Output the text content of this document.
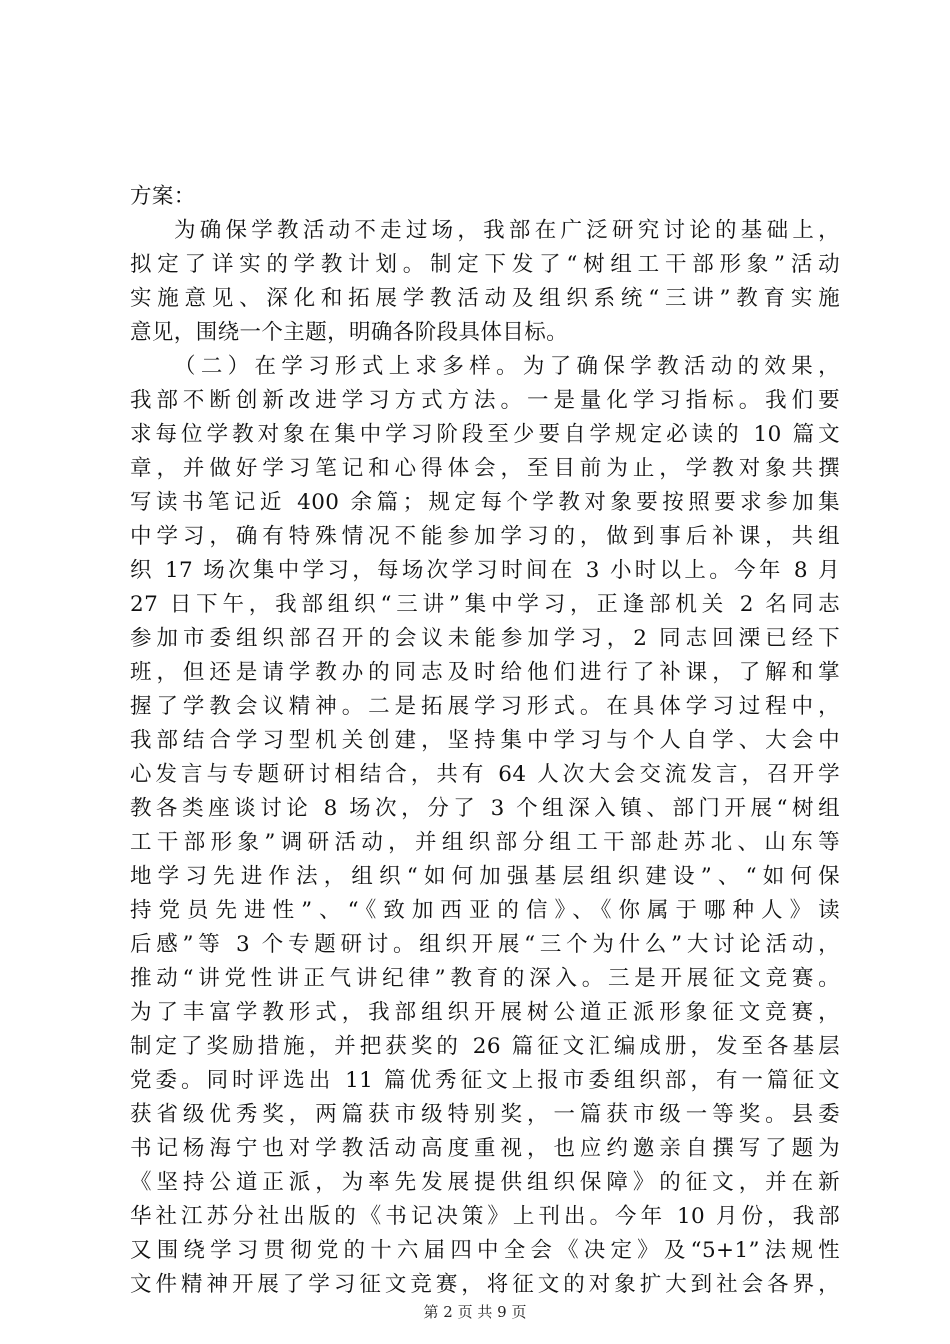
方案：
为确保学教活动不走过场，我部在广泛研究讨论的基础上，
拟定了详实的学教计划。制定下发了“树组工干部形象”活动
实施意见、深化和拓展学教活动及组织系统“三讲”教育实施
意见，围绕一个主题，明确各阶段具体目标。
（二）在学习形式上求多样。为了确保学教活动的效果，
我部不断创新改进学习方式方法。一是量化学习指标。我们要
求每位学教对象在集中学习阶段至少要自学规定必读的 10 篇文
章，并做好学习笔记和心得体会，至目前为止，学教对象共撰
写读书笔记近 400 余篇；规定每个学教对象要按照要求参加集
中学习，确有特殊情况不能参加学习的，做到事后补课，共组
织 17 场次集中学习，每场次学习时间在 3 小时以上。今年 8 月
27 日下午，我部组织“三讲”集中学习，正逢部机关 2 名同志
参加市委组织部召开的会议未能参加学习，2 同志回溧已经下
班，但还是请学教办的同志及时给他们进行了补课，了解和掌
握了学教会议精神。二是拓展学习形式。在具体学习过程中，
我部结合学习型机关创建，坚持集中学习与个人自学、大会中
心发言与专题研讨相结合，共有 64 人次大会交流发言，召开学
教各类座谈讨论 8 场次，分了 3 个组深入镇、部门开展“树组
工干部形象”调研活动，并组织部分组工干部赴苏北、山东等
地学习先进作法，组织“如何加强基层组织建设”、“如何保
持党员先进性”、“《致加西亚的信》、《你属于哪种人》读
后感”等 3 个专题研讨。组织开展“三个为什么”大讨论活动，
推动“讲党性讲正气讲纪律”教育的深入。三是开展征文竞赛。
为了丰富学教形式，我部组织开展树公道正派形象征文竞赛，
制定了奖励措施，并把获奖的 26 篇征文汇编成册，发至各基层
党委。同时评选出 11 篇优秀征文上报市委组织部，有一篇征文
获省级优秀奖，两篇获市级特别奖，一篇获市级一等奖。县委
书记杨海宁也对学教活动高度重视，也应约邀亲自撰写了题为
《坚持公道正派，为率先发展提供组织保障》的征文，并在新
华社江苏分社出版的《书记决策》上刊出。今年 10 月份，我部
又围绕学习贯彻党的十六届四中全会《决定》及“5+1”法规性
文件精神开展了学习征文竞赛，将征文的对象扩大到社会各界，
第 2 页 共 9 页
